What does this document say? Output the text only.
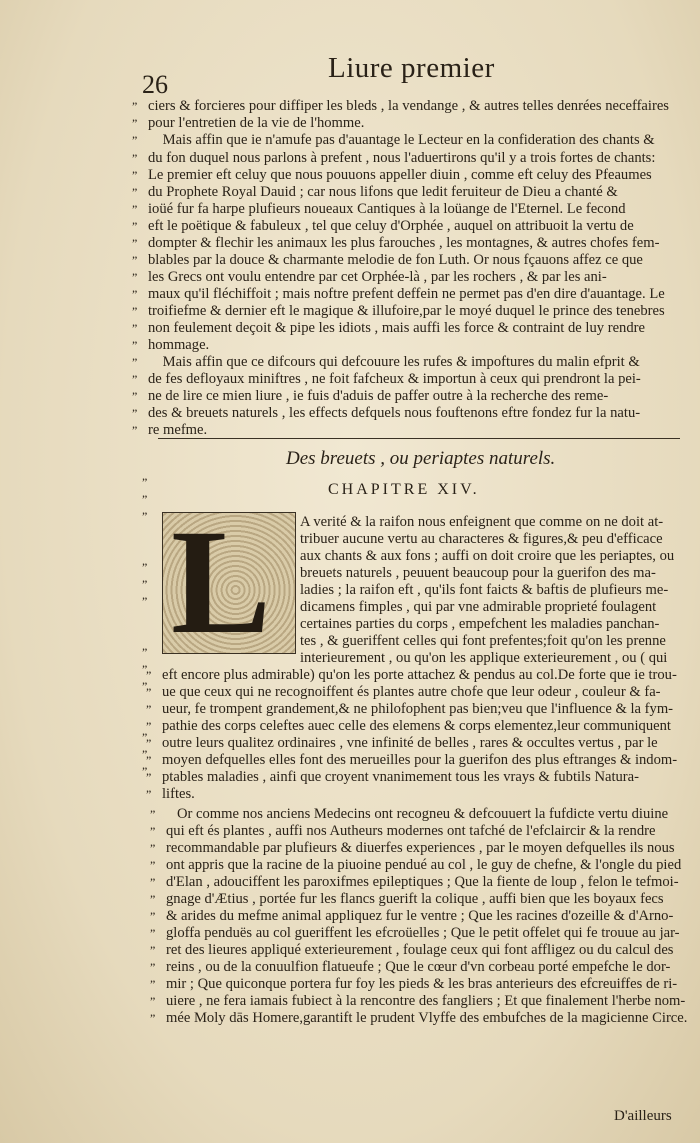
26
Liure premier
” ciers & forcieres pour diffiper les bleds , la vendange , & autres telles denrées neceffaires
” pour l'entretien de la vie de l'homme.
” Mais affin que ie n'amufe pas d'auantage le Lecteur en la confideration des chants &
” du fon duquel nous parlons à prefent , nous l'aduertirons qu'il y a trois fortes de chants:
” Le premier eft celuy que nous pouuons appeller diuin , comme eft celuy des Pfeaumes
” du Prophete Royal Dauid ; car nous lifons que ledit feruiteur de Dieu a chanté &
” ioüé fur fa harpe plufieurs noueaux Cantiques à la loüange de l'Eternel. Le fecond
” eft le poëtique & fabuleux , tel que celuy d'Orphée , auquel on attribuoit la vertu de
” dompter & flechir les animaux les plus farouches , les montagnes, & autres chofes fem-
” blables par la douce & charmante melodie de fon Luth. Or nous fçauons affez ce que
” les Grecs ont voulu entendre par cet Orphée-là , par les rochers , & par les ani-
” maux qu'il fléchiffoit ; mais noftre prefent deffein ne permet pas d'en dire d'auantage. Le
” troifiefme & dernier eft le magique & illufoire,par le moyé duquel le prince des tenebres
” non feulement deçoit & pipe les idiots , mais auffi les force & contraint de luy rendre
” hommage.
” Mais affin que ce difcours qui defcouure les rufes & impoftures du malin efprit &
” de fes defloyaux miniftres , ne foit fafcheux & importun à ceux qui prendront la pei-
” ne de lire ce mien liure , ie fuis d'aduis de paffer outre à la recherche des reme-
” des & breuets naturels , les effects defquels nous fouftenons eftre fondez fur la natu-
” re mefme.

”
”
”

”
”
”

”
”
”

”
”
”

Des breuets , ou periaptes naturels.
CHAPITRE XIV.
L A verité & la raifon nous enfeignent que comme on ne doit at-
tribuer aucune vertu au characteres & figures,& peu d'efficace
aux chants & aux fons ; auffi on doit croire que les periaptes, ou
breuets naturels , peuuent beaucoup pour la guerifon des ma-
ladies ; la raifon eft , qu'ils font faicts & baftis de plufieurs me-
dicamens fimples , qui par vne admirable proprieté foulagent
certaines parties du corps , empefchent les maladies panchan-
tes , & gueriffent celles qui font prefentes;foit qu'on les prenne
interieurement , ou qu'on les applique exterieurement , ou ( qui
” eft encore plus admirable) qu'on les porte attachez & pendus au col.De forte que ie trou-
” ue que ceux qui ne recognoiffent és plantes autre chofe que leur odeur , couleur & fa-
” ueur, fe trompent grandement,& ne philofophent pas bien;veu que l'influence & la fym-
” pathie des corps celeftes auec celle des elemens & corps elementez,leur communiquent
” outre leurs qualitez ordinaires , vne infinité de belles , rares & occultes vertus , par le
” moyen defquelles elles font des merueilles pour la guerifon des plus eftranges & indom-
” ptables maladies , ainfi que croyent vnanimement tous les vrays & fubtils Natura-
” liftes.
” Or comme nos anciens Medecins ont recogneu & defcouuert la fufdicte vertu diuine
” qui eft és plantes , auffi nos Autheurs modernes ont tafché de l'efclaircir & la rendre
” recommandable par plufieurs & diuerfes experiences , par le moyen defquelles ils nous
” ont appris que la racine de la piuoine pendué au col , le guy de chefne, & l'ongle du pied
” d'Elan , adouciffent les paroxifmes epileptiques ; Que la fiente de loup , felon le tefmoi-
” gnage d'Ætius , portée fur les flancs guerift la colique , auffi bien que les boyaux fecs
” & arides du mefme animal appliquez fur le ventre ; Que les racines d'ozeille & d'Arno-
” gloffa penduës au col gueriffent les efcroüelles ; Que le petit offelet qui fe trouue au jar-
” ret des lieures appliqué exterieurement , foulage ceux qui font affligez ou du calcul des
” reins , ou de la conuulfion flatueufe ; Que le cœur d'vn corbeau porté empefche le dor-
” mir ; Que quiconque portera fur foy les pieds & les bras anterieurs des efcreuiffes de ri-
” uiere , ne fera iamais fubiect à la rencontre des fangliers ; Et que finalement l'herbe nom-
” mée Moly dās Homere,garantift le prudent Vlyffe des embufches de la magicienne Circe.
D'ailleurs
